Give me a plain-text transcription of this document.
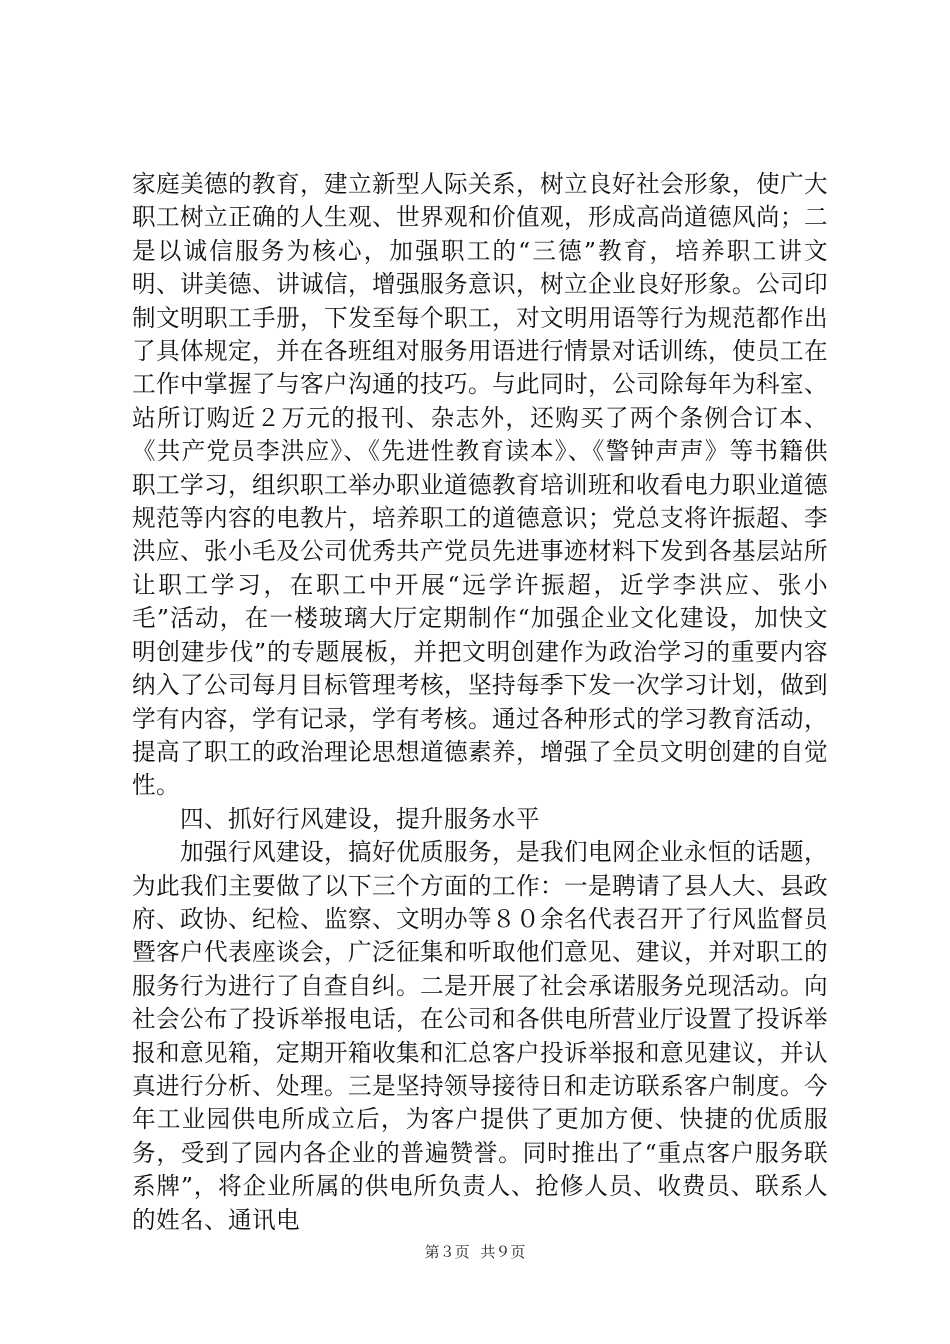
家庭美德的教育，建立新型人际关系，树立良好社会形象，使广大职工树立正确的人生观、世界观和价值观，形成高尚道德风尚；二是以诚信服务为核心，加强职工的“三德”教育，培养职工讲文明、讲美德、讲诚信，增强服务意识，树立企业良好形象。公司印制文明职工手册，下发至每个职工，对文明用语等行为规范都作出了具体规定，并在各班组对服务用语进行情景对话训练，使员工在工作中掌握了与客户沟通的技巧。与此同时，公司除每年为科室、站所订购近２万元的报刊、杂志外，还购买了两个条例合订本、《共产党员李洪应》、《先进性教育读本》、《警钟声声》等书籍供职工学习，组织职工举办职业道德教育培训班和收看电力职业道德规范等内容的电教片，培养职工的道德意识；党总支将许振超、李洪应、张小毛及公司优秀共产党员先进事迹材料下发到各基层站所让职工学习，在职工中开展“远学许振超，近学李洪应、张小毛”活动，在一楼玻璃大厅定期制作“加强企业文化建设，加快文明创建步伐”的专题展板，并把文明创建作为政治学习的重要内容纳入了公司每月目标管理考核，坚持每季下发一次学习计划，做到学有内容，学有记录，学有考核。通过各种形式的学习教育活动，提高了职工的政治理论思想道德素养，增强了全员文明创建的自觉性。

四、抓好行风建设，提升服务水平

加强行风建设，搞好优质服务，是我们电网企业永恒的话题，为此我们主要做了以下三个方面的工作：一是聘请了县人大、县政府、政协、纪检、监察、文明办等８０余名代表召开了行风监督员暨客户代表座谈会，广泛征集和听取他们意见、建议，并对职工的服务行为进行了自查自纠。二是开展了社会承诺服务兑现活动。向社会公布了投诉举报电话，在公司和各供电所营业厅设置了投诉举报和意见箱，定期开箱收集和汇总客户投诉举报和意见建议，并认真进行分析、处理。三是坚持领导接待日和走访联系客户制度。今年工业园供电所成立后，为客户提供了更加方便、快捷的优质服务，受到了园内各企业的普遍赞誉。同时推出了“重点客户服务联系牌”，将企业所属的供电所负责人、抢修人员、收费员、联系人的姓名、通讯电

第３页 共９页
